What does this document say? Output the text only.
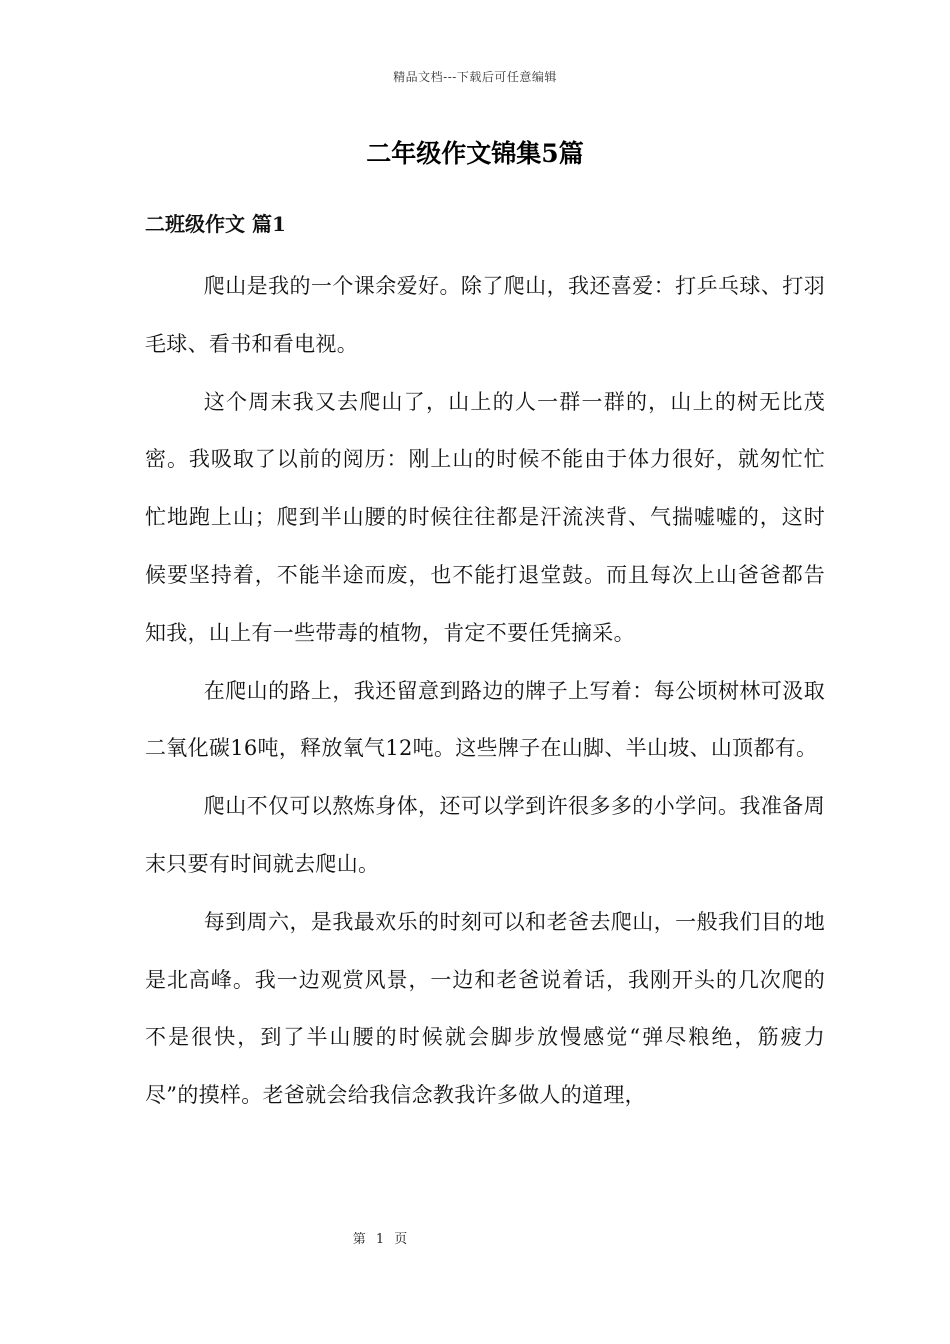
精品文档---下载后可任意编辑
二年级作文锦集5篇
二班级作文 篇1

爬山是我的一个课余爱好。除了爬山，我还喜爱：打乒乓球、打羽毛球、看书和看电视。

这个周末我又去爬山了，山上的人一群一群的，山上的树无比茂密。我吸取了以前的阅历：刚上山的时候不能由于体力很好，就匆忙忙忙地跑上山；爬到半山腰的时候往往都是汗流浃背、气揣嘘嘘的，这时候要坚持着，不能半途而废，也不能打退堂鼓。而且每次上山爸爸都告知我，山上有一些带毒的植物，肯定不要任凭摘采。

在爬山的路上，我还留意到路边的牌子上写着：每公顷树林可汲取二氧化碳16吨，释放氧气12吨。这些牌子在山脚、半山坡、山顶都有。

爬山不仅可以熬炼身体，还可以学到许很多多的小学问。我准备周末只要有时间就去爬山。

每到周六，是我最欢乐的时刻可以和老爸去爬山，一般我们目的地是北高峰。我一边观赏风景，一边和老爸说着话，我刚开头的几次爬的不是很快，到了半山腰的时候就会脚步放慢感觉“弹尽粮绝，筋疲力尽”的摸样。老爸就会给我信念教我许多做人的道理，

第 1 页
